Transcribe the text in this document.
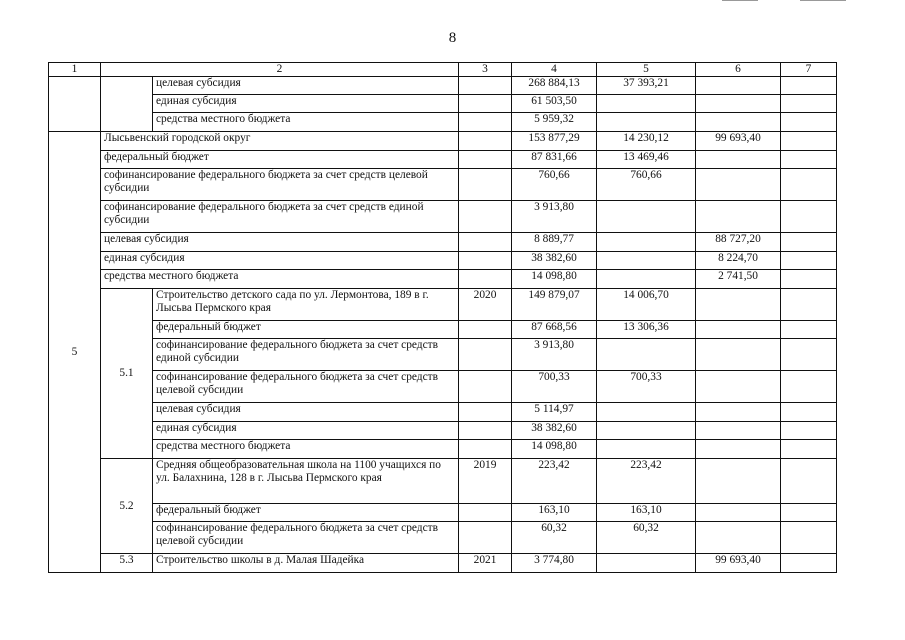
8
1	2		3	4	5	6	7
		целевая субсидия		268 884,13	37 393,21		
		единая субсидия		61 503,50			
		средства местного бюджета		5 959,32			
5	Лысьвенский городской округ			153 877,29	14 230,12	99 693,40	
	федеральный бюджет			87 831,66	13 469,46		
	софинансирование федерального бюджета за счет средств целевой субсидии			760,66	760,66		
	софинансирование федерального бюджета за счет средств единой субсидии			3 913,80			
	целевая субсидия			8 889,77		88 727,20	
	единая субсидия			38 382,60		8 224,70	
	средства местного бюджета			14 098,80		2 741,50	
	5.1	Строительство детского сада по ул. Лермонтова, 189 в г. Лысьва Пермского края	2020	149 879,07	14 006,70		
		федеральный бюджет		87 668,56	13 306,36		
		софинансирование федерального бюджета за счет средств единой субсидии		3 913,80			
		софинансирование федерального бюджета за счет средств целевой субсидии		700,33	700,33		
		целевая субсидия		5 114,97			
		единая субсидия		38 382,60			
		средства местного бюджета		14 098,80			
	5.2	Средняя общеобразовательная школа на 1100 учащихся по ул. Балахнина, 128 в г. Лысьва Пермского края	2019	223,42	223,42		
		федеральный бюджет		163,10	163,10		
		софинансирование федерального бюджета за счет средств целевой субсидии		60,32	60,32		
	5.3	Строительство школы в д. Малая Шадейка	2021	3 774,80		99 693,40	
